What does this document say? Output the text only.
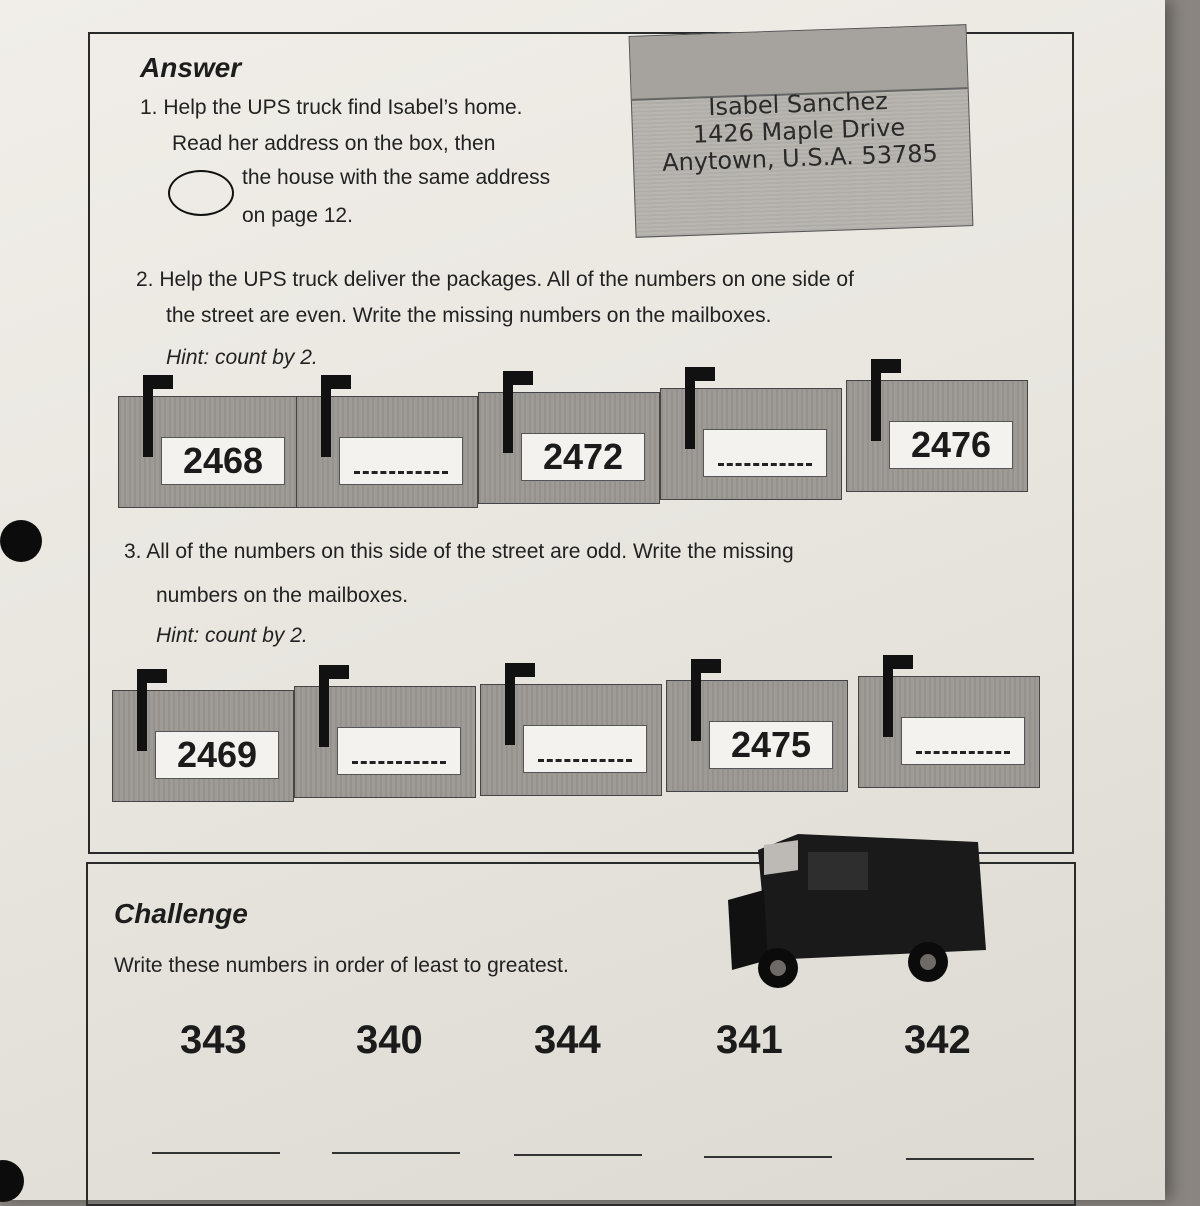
Answer
1. Help the UPS truck find Isabel’s home.
Read her address on the box, then
the house with the same address
on page 12.
Isabel Sanchez
1426 Maple Drive
Anytown, U.S.A. 53785
2. Help the UPS truck deliver the packages. All of the numbers on one side of
the street are even. Write the missing numbers on the mailboxes.
Hint: count by 2.
2468	2472	2476
3. All of the numbers on this side of the street are odd. Write the missing
numbers on the mailboxes.
Hint: count by 2.
2469	2475
Challenge
Write these numbers in order of least to greatest.
343	340	344	341	342
